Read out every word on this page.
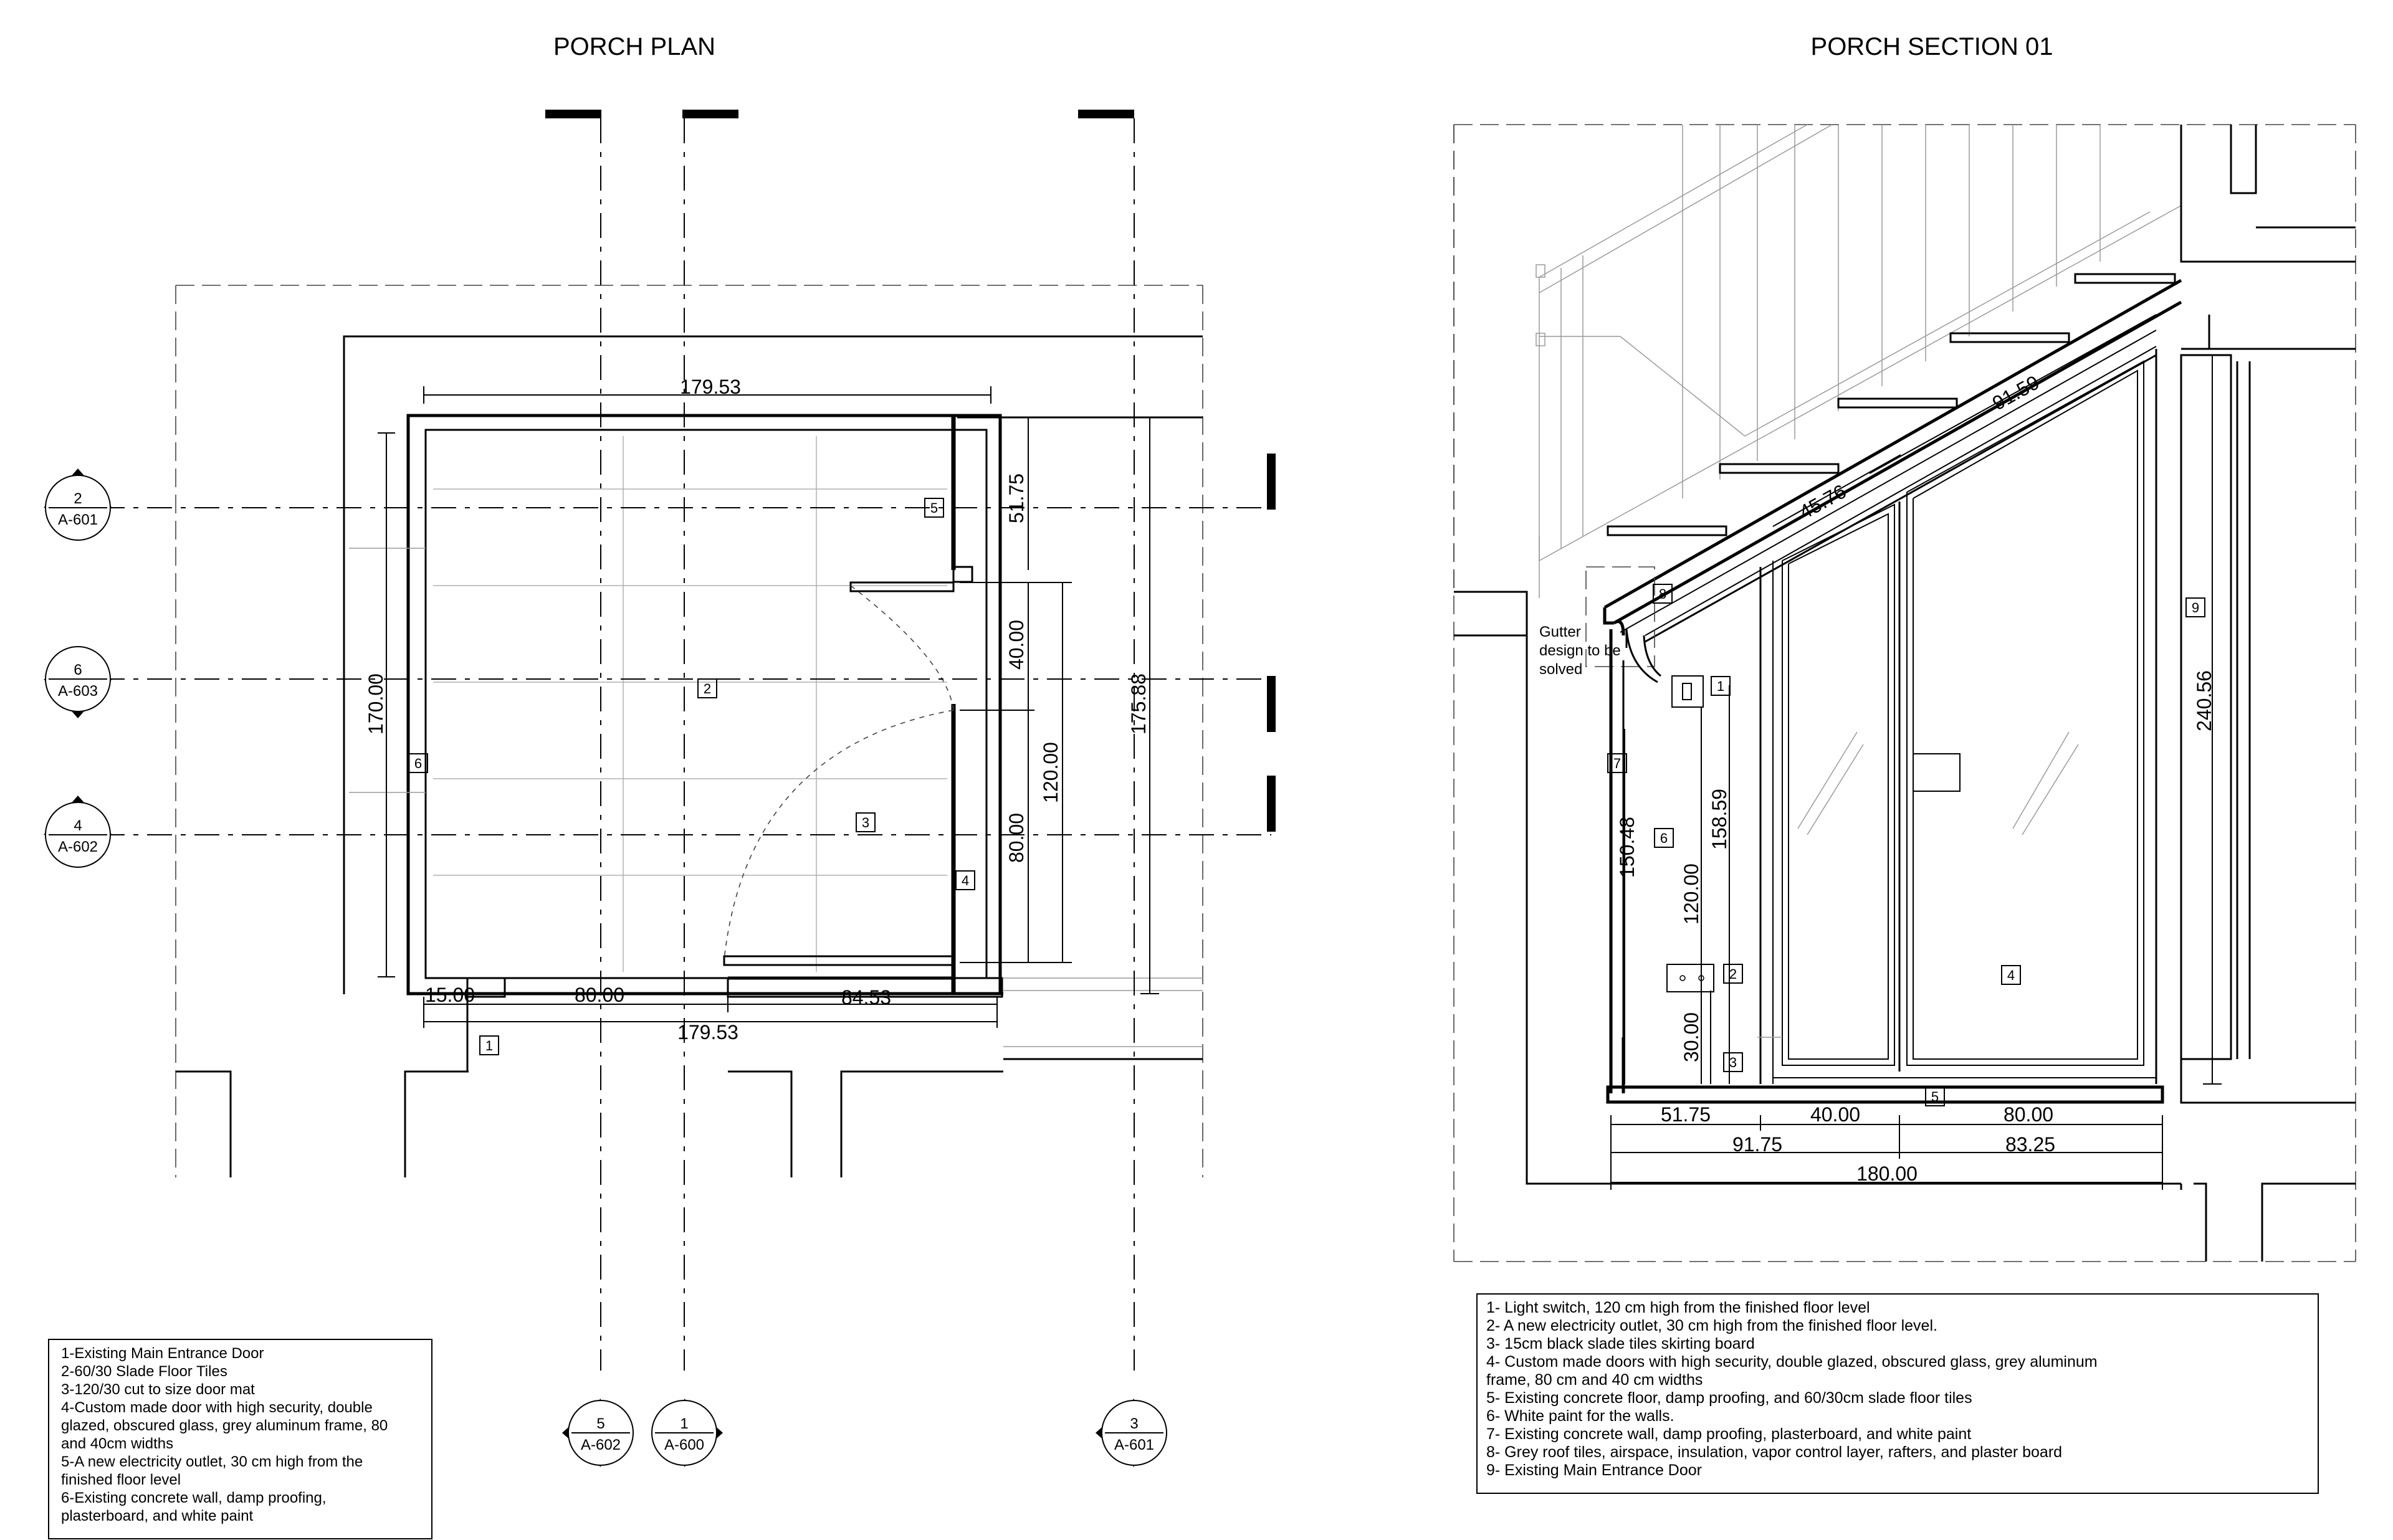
PORCH PLAN
179.53
179.53
170.00	175.88
51.75
40.00
80.00
120.00
15.00	80.00	84.53
1
2
3
4
5
6
2
A-601
6
A-603
4
A-602
5
A-602
1
A-600
3
A-601
1-Existing Main Entrance Door
2-60/30 Slade Floor Tiles
3-120/30 cut to size door mat
4-Custom made door with high security, double
glazed, obscured glass, grey aluminum frame, 80
and 40cm widths
5-A new electricity outlet, 30 cm high from the
finished floor level
6-Existing concrete wall, damp proofing,
plasterboard, and white paint
PORCH SECTION 01
91.59
45.76
240.56
158.59
150.48
120.00
30.00
51.75	40.00	80.00
91.75	83.25
180.00
Gutter
design to be
solved
1
2
3
4
5
6
7
8
9
1- Light switch, 120 cm high from the finished floor level
2- A new electricity outlet, 30 cm high from the finished floor level.
3- 15cm black slade tiles skirting board
4- Custom made doors with high security, double glazed, obscured glass, grey aluminum
frame, 80 cm and 40 cm widths
5- Existing concrete floor, damp proofing, and 60/30cm slade floor tiles
6- White paint for the walls.
7- Existing concrete wall, damp proofing, plasterboard, and white paint
8- Grey roof tiles, airspace, insulation, vapor control layer, rafters, and plaster board
9- Existing Main Entrance Door
